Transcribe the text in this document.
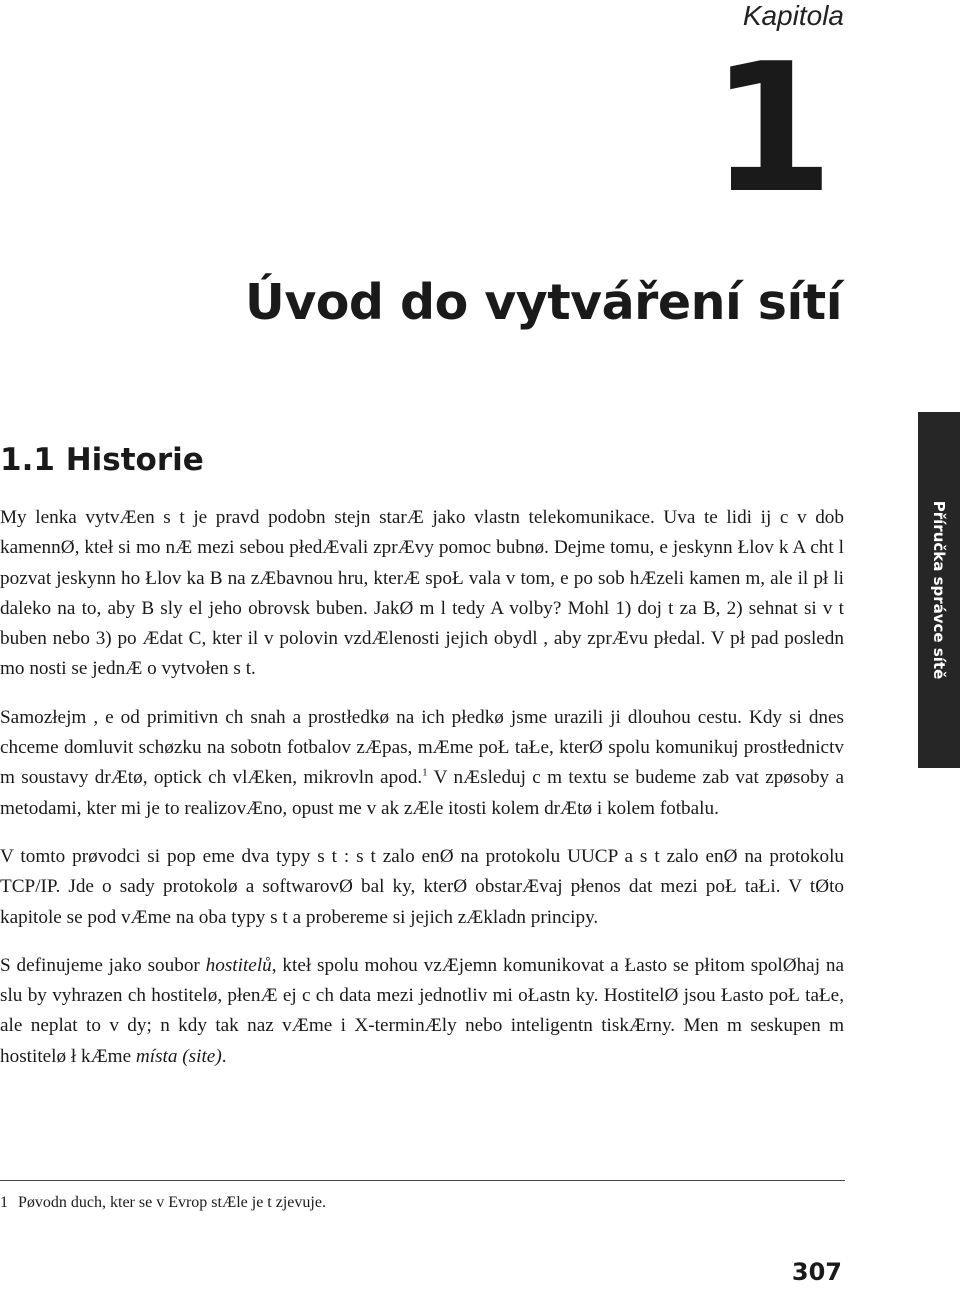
Kapitola
1
Úvod do vytváření sítí
1.1 Historie

My lenka vytvÆen s t je pravd podobn stejn starÆ jako vlastn telekomunikace. Uva te lidi ij c v dob kamennØ, kteł si mo nÆ mezi sebou płedÆvali zprÆvy pomoc bubnø. Dejme tomu, e jeskynn Łlov k A cht l pozvat jeskynn ho Łlov ka B na zÆbavnou hru, kterÆ spoŁ vala v tom, e po sob hÆzeli kamen m, ale il pł li daleko na to, aby B sly el jeho obrovsk buben. JakØ m l tedy A volby? Mohl 1) doj t za B, 2) sehnat si v t buben nebo 3) po Ædat C, kter il v polovin vzdÆlenosti jejich obydl , aby zprÆvu płedal. V pł pad posledn mo nosti se jednÆ o vytvołen s t.

Samozłejm , e od primitivn ch snah a prostłedkø na ich płedkø jsme urazili ji dlouhou cestu. Kdy si dnes chceme domluvit schøzku na sobotn fotbalov zÆpas, mÆme poŁ taŁe, kterØ spolu komunikuj prostłednictv m soustavy drÆtø, optick ch vlÆken, mikrovln apod.$^1$ V nÆsleduj c m textu se budeme zab vat zpøsoby a metodami, kter mi je to realizovÆno, opust me v ak zÆle itosti kolem drÆtø i kolem fotbalu.

V tomto prøvodci si pop eme dva typy s t : s t zalo enØ na protokolu UUCP a s t zalo enØ na protokolu TCP/IP. Jde o sady protokolø a softwarovØ bal ky, kterØ obstarÆvaj płenos dat mezi poŁ taŁi. V tØto kapitole se pod vÆme na oba typy s t a probereme si jejich zÆkladn principy.

S definujeme jako soubor hostitelů, kteł spolu mohou vzÆjemn komunikovat a Łasto se płitom spolØhaj na slu by vyhrazen ch hostitelø, płenÆ ej c ch data mezi jednotliv mi oŁastn ky. HostitelØ jsou Łasto poŁ taŁe, ale neplat to v dy; n kdy tak naz vÆme i X-terminÆly nebo inteligentn tiskÆrny. Men m seskupen m hostitelø ł kÆme místa (site).

1 Pøvodn duch, kter se v Evrop stÆle je t zjevuje.
Příručka správce sítě
307
